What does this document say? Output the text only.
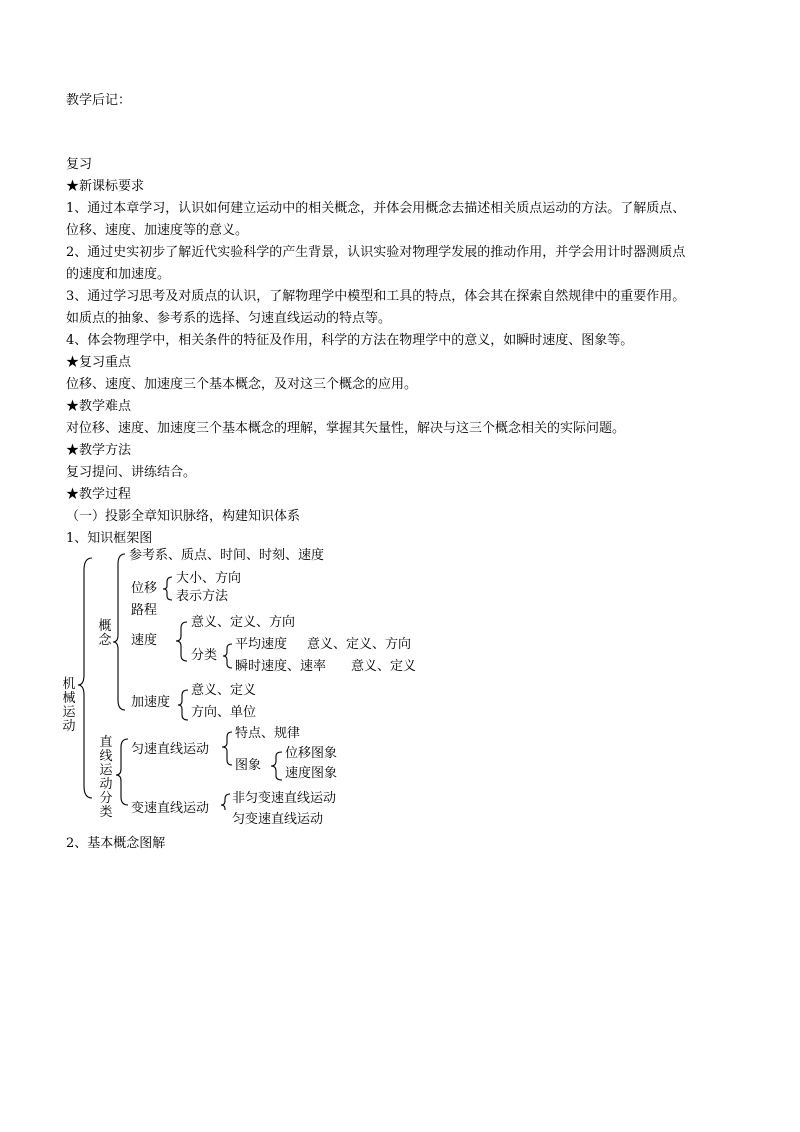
教学后记：
复习
★新课标要求
1、通过本章学习，认识如何建立运动中的相关概念，并体会用概念去描述相关质点运动的方法。了解质点、
位移、速度、加速度等的意义。
2、通过史实初步了解近代实验科学的产生背景，认识实验对物理学发展的推动作用，并学会用计时器测质点
的速度和加速度。
3、通过学习思考及对质点的认识，了解物理学中模型和工具的特点，体会其在探索自然规律中的重要作用。
如质点的抽象、参考系的选择、匀速直线运动的特点等。
4、体会物理学中，相关条件的特征及作用，科学的方法在物理学中的意义，如瞬时速度、图象等。
★复习重点
位移、速度、加速度三个基本概念，及对这三个概念的应用。
★教学难点
对位移、速度、加速度三个基本概念的理解，掌握其矢量性，解决与这三个概念相关的实际问题。
★教学方法
复习提问、讲练结合。
★教学过程
（一）投影全章知识脉络，构建知识体系
1、知识框架图
机械运动
概念
参考系、质点、时间、时刻、速度
位移
大小、方向
表示方法
路程
速度
意义、定义、方向
分类
平均速度 意义、定义、方向
瞬时速度、速率 意义、定义
加速度
意义、定义
方向、单位
直线运动分类
匀速直线运动
特点、规律
图象
位移图象
速度图象
变速直线运动
非匀变速直线运动
匀变速直线运动
2、基本概念图解
